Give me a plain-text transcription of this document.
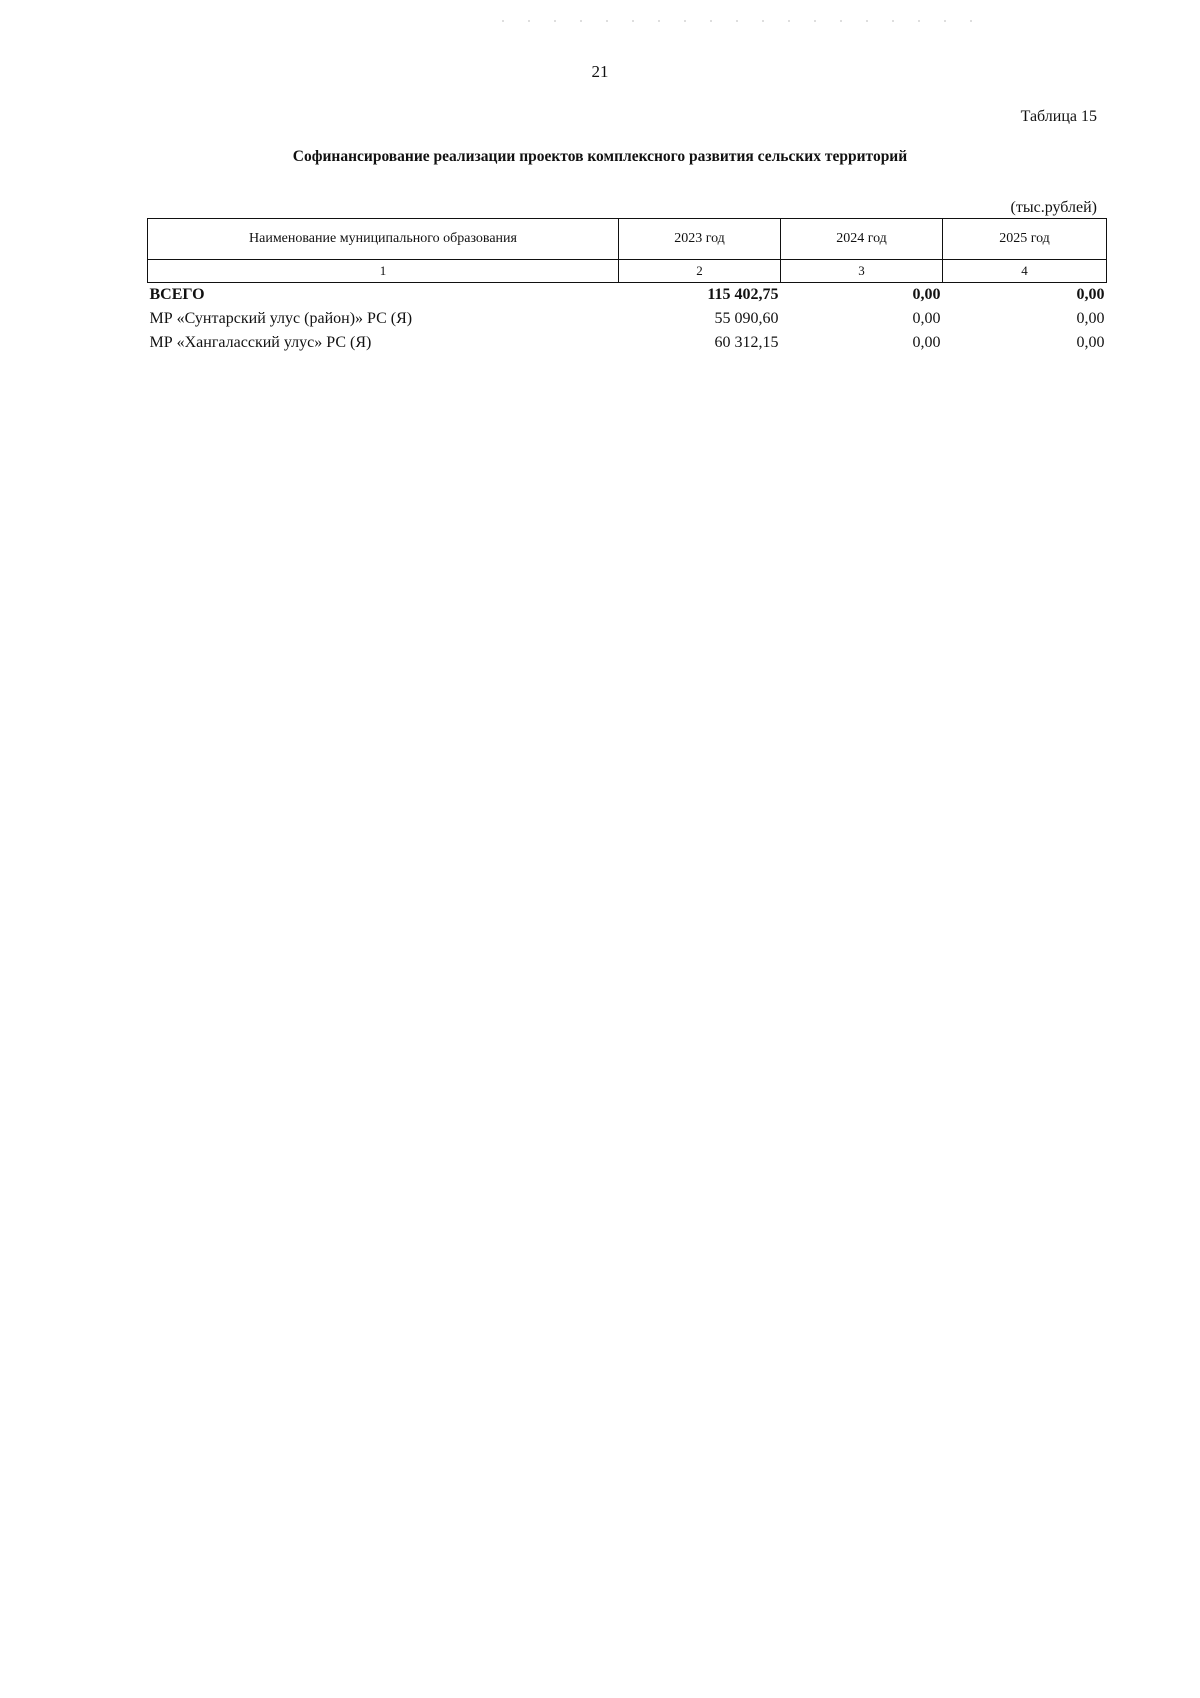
21
Таблица 15
Софинансирование реализации проектов комплексного развития сельских территорий
(тыс.рублей)
Наименование муниципального образования	2023 год	2024 год	2025 год
1	2	3	4
ВСЕГО	115 402,75	0,00	0,00
МР «Сунтарский улус (район)» РС (Я)	55 090,60	0,00	0,00
МР «Хангаласский улус» РС (Я)	60 312,15	0,00	0,00
